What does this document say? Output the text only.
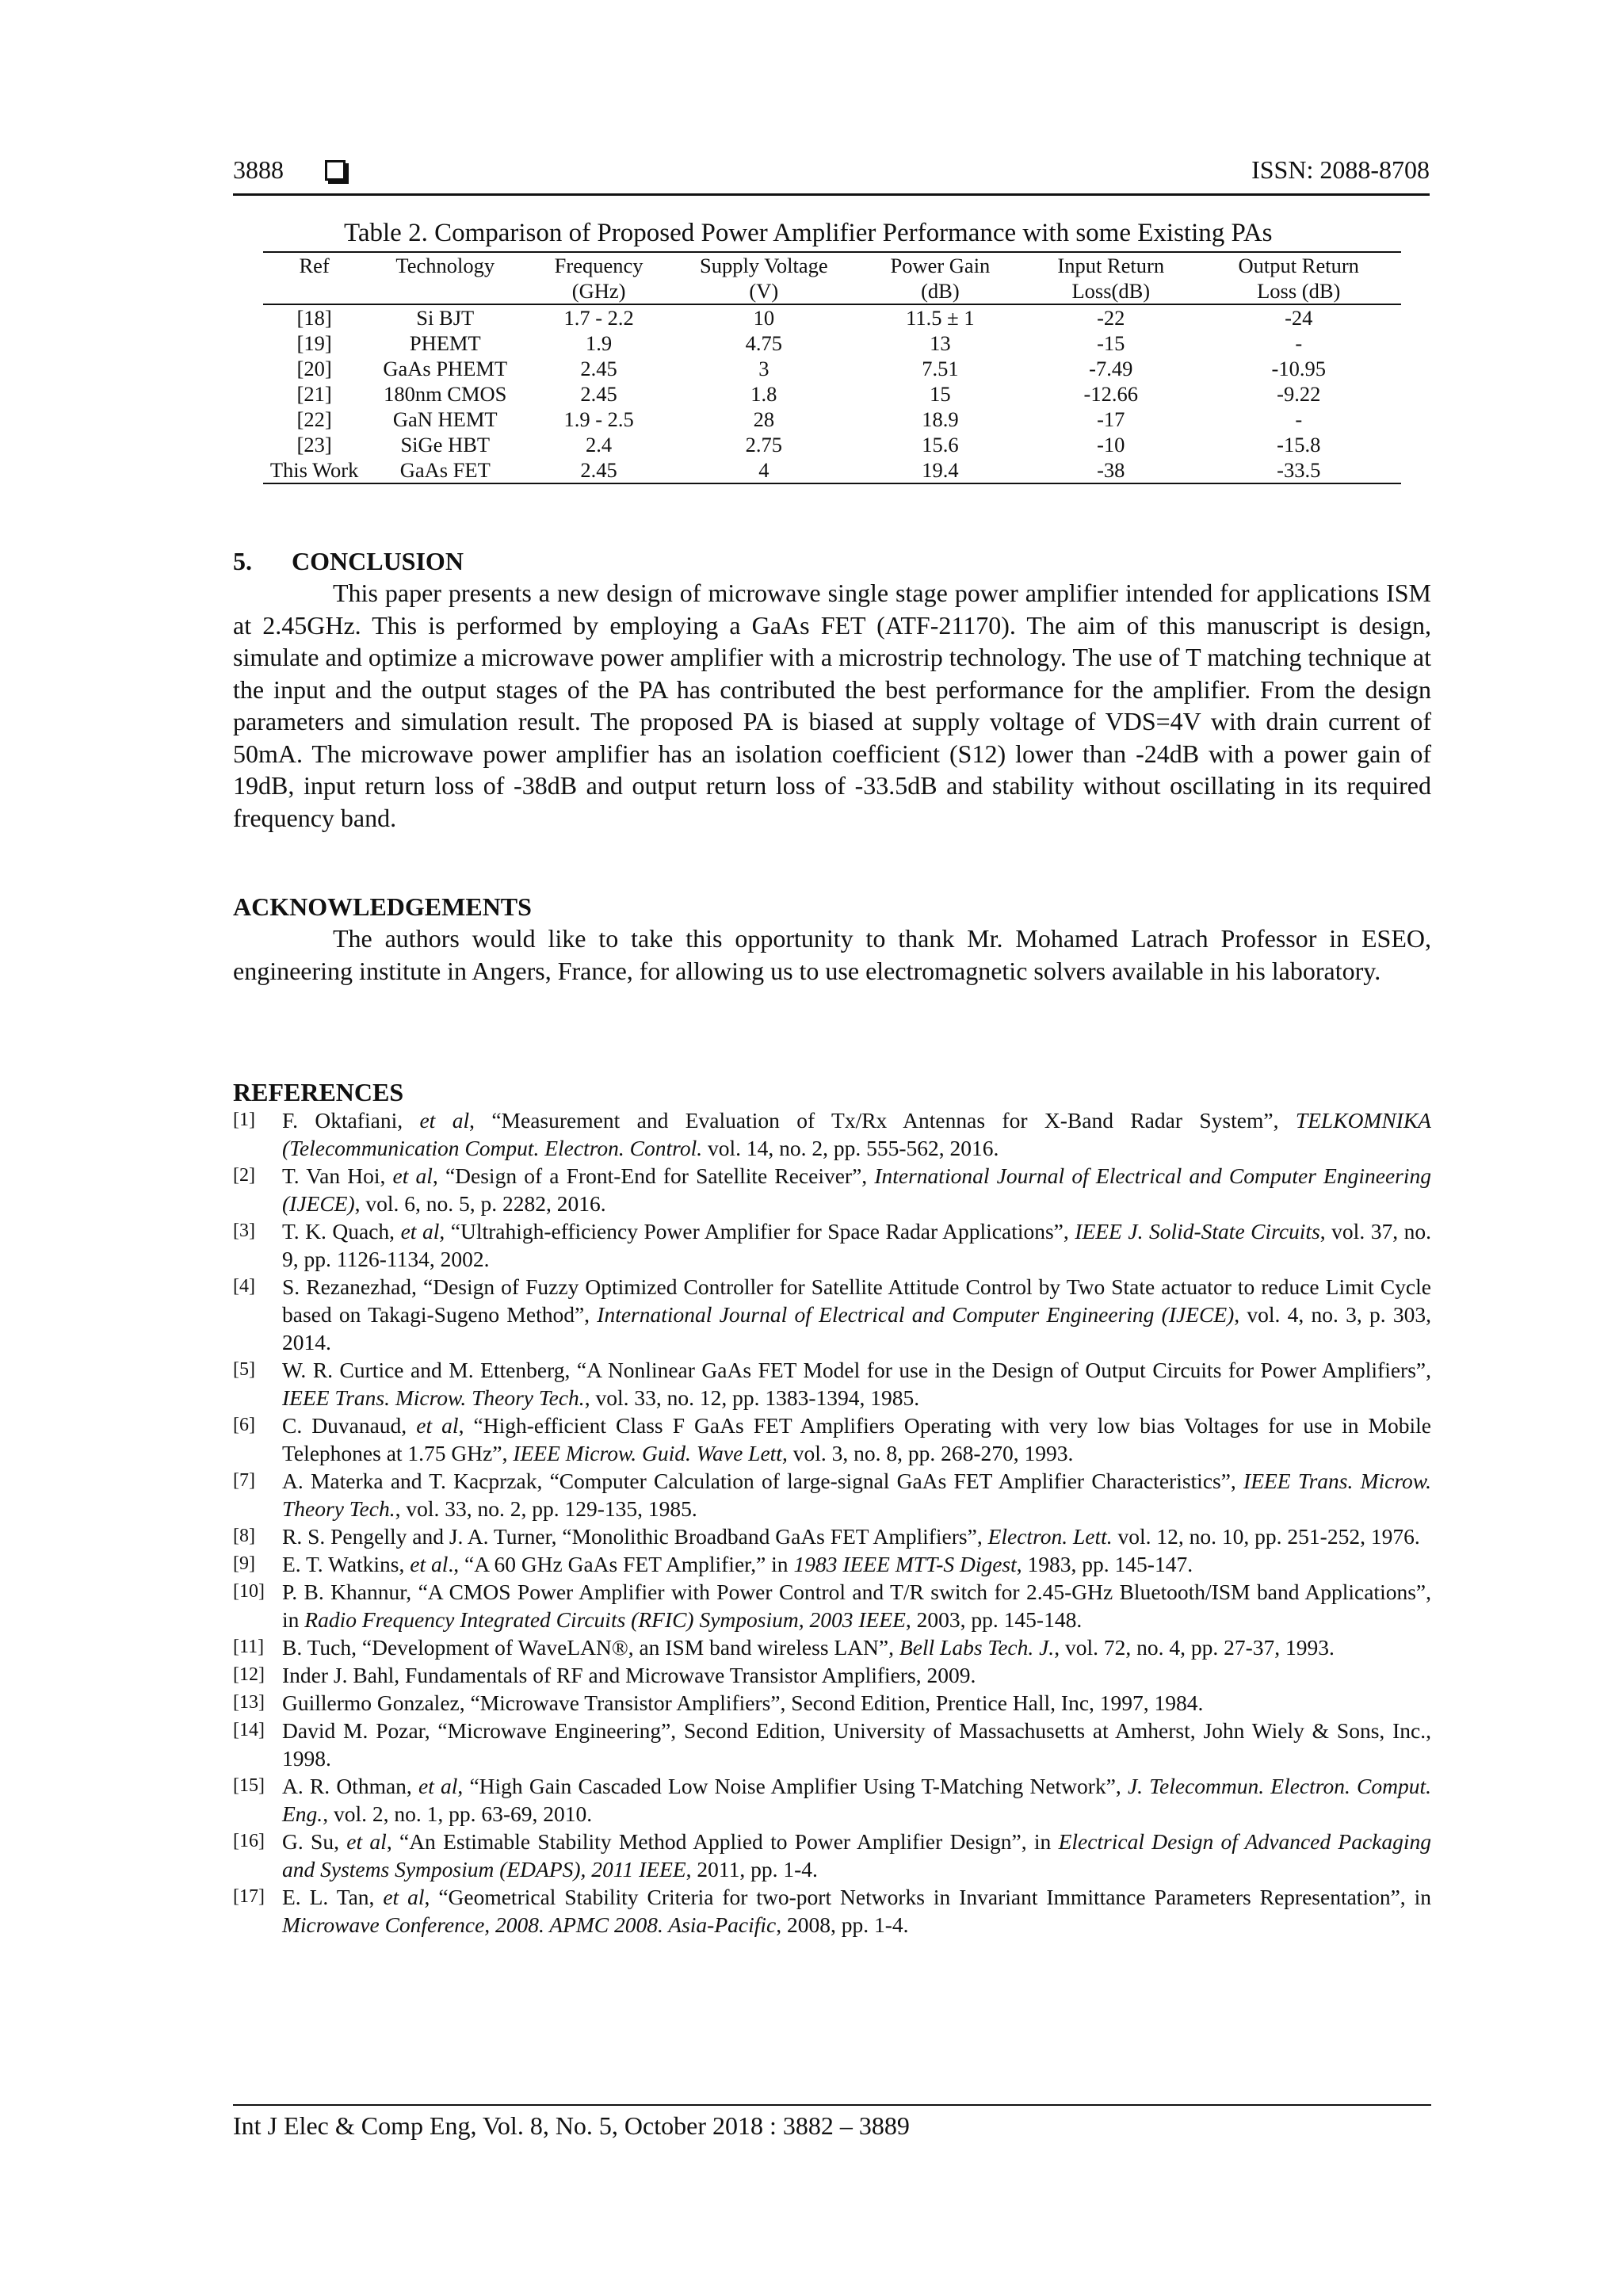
3888	ISSN: 2088-8708
Table 2. Comparison of Proposed Power Amplifier Performance with some Existing PAs
Ref	Technology	Frequency	Supply Voltage	Power Gain	Input Return	Output Return
		(GHz)	(V)	(dB)	Loss(dB)	Loss (dB)
[18]	Si BJT	1.7 - 2.2	10	11.5 ± 1	-22	-24
[19]	PHEMT	1.9	4.75	13	-15	-
[20]	GaAs PHEMT	2.45	3	7.51	-7.49	-10.95
[21]	180nm CMOS	2.45	1.8	15	-12.66	-9.22
[22]	GaN HEMT	1.9 - 2.5	28	18.9	-17	-
[23]	SiGe HBT	2.4	2.75	15.6	-10	-15.8
This Work	GaAs FET	2.45	4	19.4	-38	-33.5
5. CONCLUSION
This paper presents a new design of microwave single stage power amplifier intended for applications ISM at 2.45GHz. This is performed by employing a GaAs FET (ATF-21170). The aim of this manuscript is design, simulate and optimize a microwave power amplifier with a microstrip technology. The use of T matching technique at the input and the output stages of the PA has contributed the best performance for the amplifier. From the design parameters and simulation result. The proposed PA is biased at supply voltage of VDS=4V with drain current of 50mA. The microwave power amplifier has an isolation coefficient (S12) lower than -24dB with a power gain of 19dB, input return loss of -38dB and output return loss of -33.5dB and stability without oscillating in its required frequency band.
ACKNOWLEDGEMENTS
The authors would like to take this opportunity to thank Mr. Mohamed Latrach Professor in ESEO, engineering institute in Angers, France, for allowing us to use electromagnetic solvers available in his laboratory.
REFERENCES
[1]	F. Oktafiani, et al, “Measurement and Evaluation of Tx/Rx Antennas for X-Band Radar System”, TELKOMNIKA (Telecommunication Comput. Electron. Control. vol. 14, no. 2, pp. 555-562, 2016.
[2]	T. Van Hoi, et al, “Design of a Front-End for Satellite Receiver”, International Journal of Electrical and Computer Engineering (IJECE), vol. 6, no. 5, p. 2282, 2016.
[3]	T. K. Quach, et al, “Ultrahigh-efficiency Power Amplifier for Space Radar Applications”, IEEE J. Solid-State Circuits, vol. 37, no. 9, pp. 1126-1134, 2002.
[4]	S. Rezanezhad, “Design of Fuzzy Optimized Controller for Satellite Attitude Control by Two State actuator to reduce Limit Cycle based on Takagi-Sugeno Method”, International Journal of Electrical and Computer Engineering (IJECE), vol. 4, no. 3, p. 303, 2014.
[5]	W. R. Curtice and M. Ettenberg, “A Nonlinear GaAs FET Model for use in the Design of Output Circuits for Power Amplifiers”, IEEE Trans. Microw. Theory Tech., vol. 33, no. 12, pp. 1383-1394, 1985.
[6]	C. Duvanaud, et al, “High-efficient Class F GaAs FET Amplifiers Operating with very low bias Voltages for use in Mobile Telephones at 1.75 GHz”, IEEE Microw. Guid. Wave Lett, vol. 3, no. 8, pp. 268-270, 1993.
[7]	A. Materka and T. Kacprzak, “Computer Calculation of large-signal GaAs FET Amplifier Characteristics”, IEEE Trans. Microw. Theory Tech., vol. 33, no. 2, pp. 129-135, 1985.
[8]	R. S. Pengelly and J. A. Turner, “Monolithic Broadband GaAs FET Amplifiers”, Electron. Lett. vol. 12, no. 10, pp. 251-252, 1976.
[9]	E. T. Watkins, et al., “A 60 GHz GaAs FET Amplifier,” in 1983 IEEE MTT-S Digest, 1983, pp. 145-147.
[10] P. B. Khannur, “A CMOS Power Amplifier with Power Control and T/R switch for 2.45-GHz Bluetooth/ISM band Applications”, in Radio Frequency Integrated Circuits (RFIC) Symposium, 2003 IEEE, 2003, pp. 145-148.
[11] B. Tuch, “Development of WaveLAN®, an ISM band wireless LAN”, Bell Labs Tech. J., vol. 72, no. 4, pp. 27-37, 1993.
[12] Inder J. Bahl, Fundamentals of RF and Microwave Transistor Amplifiers, 2009.
[13] Guillermo Gonzalez, “Microwave Transistor Amplifiers”, Second Edition, Prentice Hall, Inc, 1997, 1984.
[14] David M. Pozar, “Microwave Engineering”, Second Edition, University of Massachusetts at Amherst, John Wiely & Sons, Inc., 1998.
[15] A. R. Othman, et al, “High Gain Cascaded Low Noise Amplifier Using T-Matching Network”, J. Telecommun. Electron. Comput. Eng., vol. 2, no. 1, pp. 63-69, 2010.
[16] G. Su, et al, “An Estimable Stability Method Applied to Power Amplifier Design”, in Electrical Design of Advanced Packaging and Systems Symposium (EDAPS), 2011 IEEE, 2011, pp. 1-4.
[17] E. L. Tan, et al, “Geometrical Stability Criteria for two-port Networks in Invariant Immittance Parameters Representation”, in Microwave Conference, 2008. APMC 2008. Asia-Pacific, 2008, pp. 1-4.
Int J Elec & Comp Eng, Vol. 8, No. 5, October 2018 : 3882 – 3889
